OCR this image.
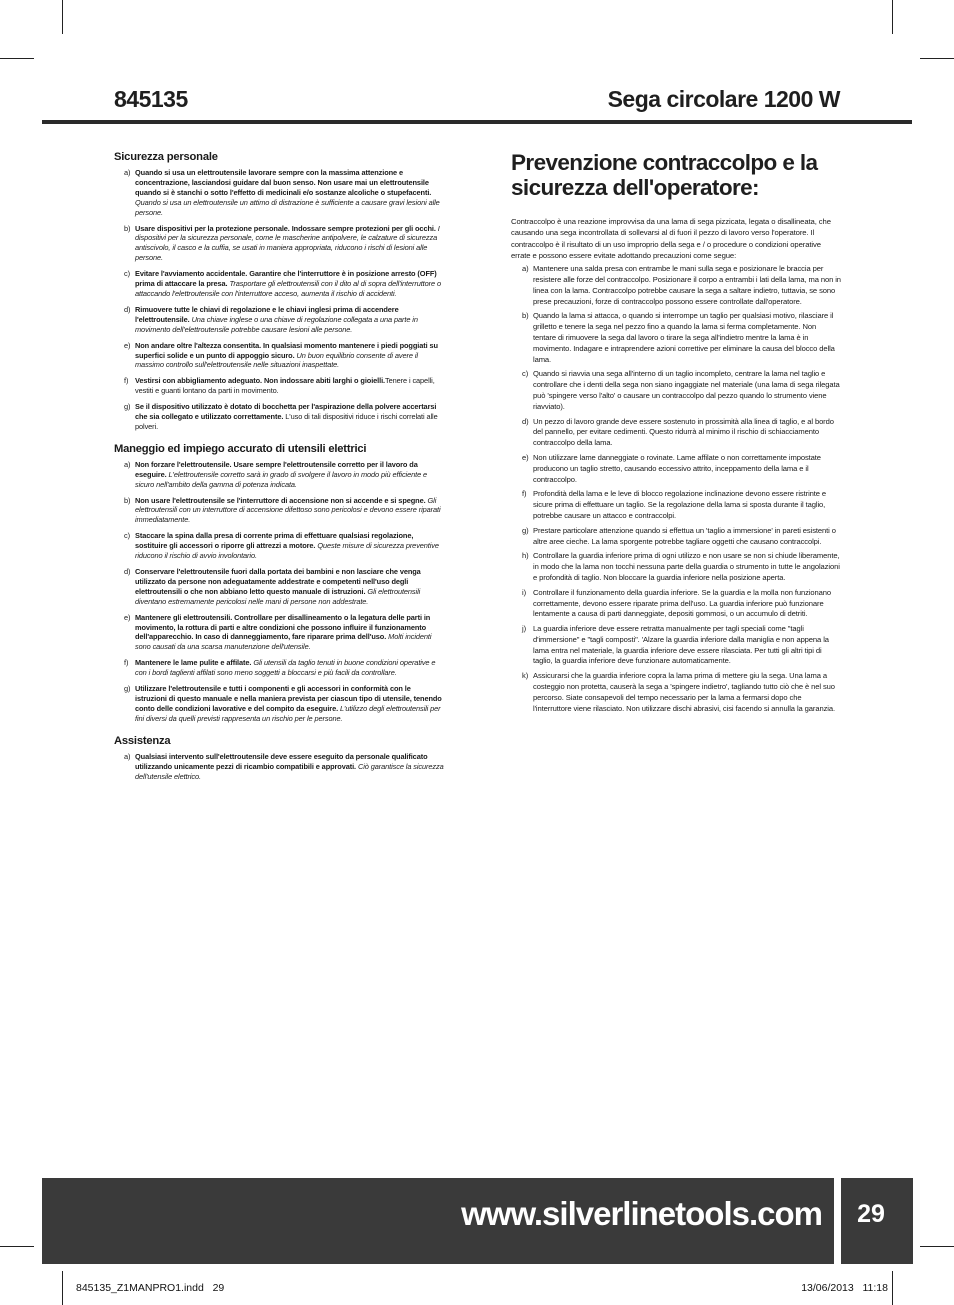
845135	Sega circolare 1200 W
Sicurezza personale
a) Quando si usa un elettroutensile lavorare sempre con la massima attenzione e concentrazione, lasciandosi guidare dal buon senso. Non usare mai un elettroutensile quando si è stanchi o sotto l'effetto di medicinali e/o sostanze alcoliche o stupefacenti. Quando si usa un elettroutensile un attimo di distrazione è sufficiente a causare gravi lesioni alle persone.
b) Usare dispositivi per la protezione personale. Indossare sempre protezioni per gli occhi. I dispositivi per la sicurezza personale, come le mascherine antipolvere, le calzature di sicurezza antiscivolo, il casco e la cuffia, se usati in maniera appropriata, riducono i rischi di lesioni alle persone.
c) Evitare l'avviamento accidentale. Garantire che l'interruttore è in posizione arresto (OFF) prima di attaccare la presa. Trasportare gli elettroutensili con il dito al di sopra dell'interruttore o attaccando l'elettroutensile con l'interruttore acceso, aumenta il rischio di accidenti.
d) Rimuovere tutte le chiavi di regolazione e le chiavi inglesi prima di accendere l'elettroutensile. Una chiave inglese o una chiave di regolazione collegata a una parte in movimento dell'elettroutensile potrebbe causare lesioni alle persone.
e) Non andare oltre l'altezza consentita. In qualsiasi momento mantenere i piedi poggiati su superfici solide e un punto di appoggio sicuro. Un buon equilibrio consente di avere il massimo controllo sull'elettroutensile nelle situazioni inaspettate.
f) Vestirsi con abbigliamento adeguato. Non indossare abiti larghi o gioielli.Tenere i capelli, vestiti e guanti lontano da parti in movimento.
g) Se il dispositivo utilizzato è dotato di bocchetta per l'aspirazione della polvere accertarsi che sia collegato e utilizzato correttamente. L'uso di tali dispositivi riduce i rischi correlati alle polveri.
Maneggio ed impiego accurato di utensili elettrici
a) Non forzare l'elettroutensile. Usare sempre l'elettroutensile corretto per il lavoro da eseguire. L'elettroutensile corretto sarà in grado di svolgere il lavoro in modo più efficiente e sicuro nell'ambito della gamma di potenza indicata.
b) Non usare l'elettroutensile se l'interruttore di accensione non si accende e si spegne. Gli elettroutensili con un interruttore di accensione difettoso sono pericolosi e devono essere riparati immediatamente.
c) Staccare la spina dalla presa di corrente prima di effettuare qualsiasi regolazione, sostituire gli accessori o riporre gli attrezzi a motore. Queste misure di sicurezza preventive riducono il rischio di avvio involontario.
d) Conservare l'elettroutensile fuori dalla portata dei bambini e non lasciare che venga utilizzato da persone non adeguatamente addestrate e competenti nell'uso degli elettroutensili o che non abbiano letto questo manuale di istruzioni. Gli elettroutensili diventano estremamente pericolosi nelle mani di persone non addestrate.
e) Mantenere gli elettroutensili. Controllare per disallineamento o la legatura delle parti in movimento, la rottura di parti e altre condizioni che possono influire il funzionamento dell'apparecchio. In caso di danneggiamento, fare riparare prima dell'uso. Molti incidenti sono causati da una scarsa manutenzione dell'utensile.
f) Mantenere le lame pulite e affilate. Gli utensili da taglio tenuti in buone condizioni operative e con i bordi taglienti affilati sono meno soggetti a bloccarsi e più facili da controllare.
g) Utilizzare l'elettroutensile e tutti i componenti e gli accessori in conformità con le istruzioni di questo manuale e nella maniera prevista per ciascun tipo di utensile, tenendo conto delle condizioni lavorative e del compito da eseguire. L'utilizzo degli elettroutensili per fini diversi da quelli previsti rappresenta un rischio per le persone.
Assistenza
a) Qualsiasi intervento sull'elettroutensile deve essere eseguito da personale qualificato utilizzando unicamente pezzi di ricambio compatibili e approvati. Ciò garantisce la sicurezza dell'utensile elettrico.
Prevenzione contraccolpo e la sicurezza dell'operatore:
Contraccolpo è una reazione improvvisa da una lama di sega pizzicata, legata o disallineata, che causando una sega incontrollata di sollevarsi al di fuori il pezzo di lavoro verso l'operatore. Il contraccolpo è il risultato di un uso improprio della sega e / o procedure o condizioni operative errate e possono essere evitate adottando precauzioni come segue:
a) Mantenere una salda presa con entrambe le mani sulla sega e posizionare le braccia per resistere alle forze del contraccolpo. Posizionare il corpo a entrambi i lati della lama, ma non in linea con la lama. Contraccolpo potrebbe causare la sega a saltare indietro, tuttavia, se sono prese precauzioni, forze di contraccolpo possono essere controllate dall'operatore.
b) Quando la lama si attacca, o quando si interrompe un taglio per qualsiasi motivo, rilasciare il grilletto e tenere la sega nel pezzo fino a quando la lama si ferma completamente. Non tentare di rimuovere la sega dal lavoro o tirare la sega all'indietro mentre la lama è in movimento. Indagare e intraprendere azioni correttive per eliminare la causa del blocco della lama.
c) Quando si riavvia una sega all'interno di un taglio incompleto, centrare la lama nel taglio e controllare che i denti della sega non siano ingaggiate nel materiale (una lama di sega rilegata può 'spingere verso l'alto' o causare un contraccolpo dal pezzo quando lo strumento viene riavviato).
d) Un pezzo di lavoro grande deve essere sostenuto in prossimità alla linea di taglio, e al bordo del pannello, per evitare cedimenti. Questo ridurrà al minimo il rischio di schiacciamento contraccolpo della lama.
e) Non utilizzare lame danneggiate o rovinate. Lame affilate o non correttamente impostate producono un taglio stretto, causando eccessivo attrito, inceppamento della lama e il contraccolpo.
f) Profondità della lama e le leve di blocco regolazione inclinazione devono essere ristrinte e sicure prima di effettuare un taglio. Se la regolazione della lama si sposta durante il taglio, potrebbe causare un attacco e contraccolpi.
g) Prestare particolare attenzione quando si effettua un 'taglio a immersione' in pareti esistenti o altre aree cieche. La lama sporgente potrebbe tagliare oggetti che causano contraccolpi.
h) Controllare la guardia inferiore prima di ogni utilizzo e non usare se non si chiude liberamente, in modo che la lama non tocchi nessuna parte della guardia o strumento in tutte le angolazioni e profondità di taglio. Non bloccare la guardia inferiore nella posizione aperta.
i) Controllare il funzionamento della guardia inferiore. Se la guardia e la molla non funzionano correttamente, devono essere riparate prima dell'uso. La guardia inferiore può funzionare lentamente a causa di parti danneggiate, depositi gommosi, o un accumulo di detriti.
j) La guardia inferiore deve essere retratta manualmente per tagli speciali come "tagli d'immersione" e "tagli composti". 'Alzare la guardia inferiore dalla maniglia e non appena la lama entra nel materiale, la guardia inferiore deve essere rilasciata. Per tutti gli altri tipi di taglio, la guardia inferiore deve funzionare automaticamente.
k) Assicurarsi che la guardia inferiore copra la lama prima di mettere giu la sega. Una lama a costeggio non protetta, causerà la sega a 'spingere indietro', tagliando tutto ciò che è nel suo percorso. Siate consapevoli del tempo necessario per la lama a fermarsi dopo che l'interruttore viene rilasciato. Non utilizzare dischi abrasivi, cisi facendo si annulla la garanzia.
www.silverlinetools.com	29
845135_Z1MANPRO1.indd   29	13/06/2013   11:18
